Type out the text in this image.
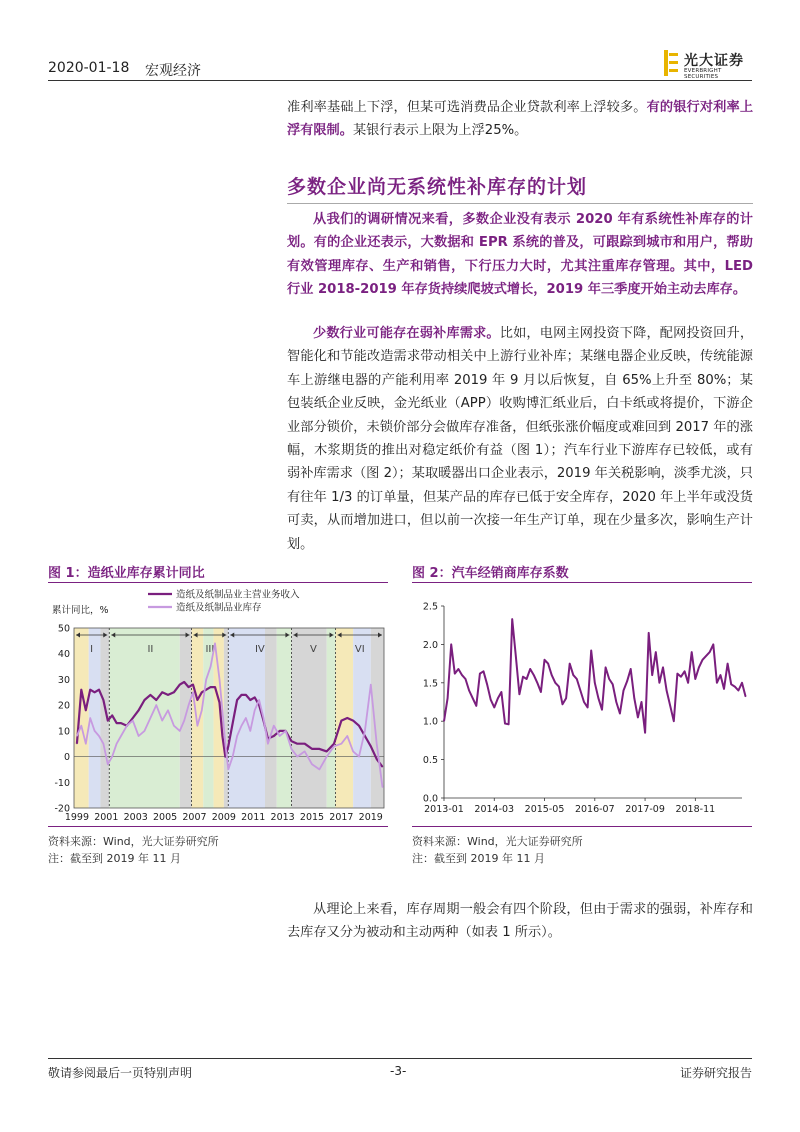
2020-01-18 宏观经济
光大证券
EVERBRIGHT SECURITIES

准利率基础上下浮，但某可选消费品企业贷款利率上浮较多。有的银行对利率上浮有限制。某银行表示上限为上浮25%。

多数企业尚无系统性补库存的计划

从我们的调研情况来看，多数企业没有表示 2020 年有系统性补库存的计划。有的企业还表示，大数据和 EPR 系统的普及，可跟踪到城市和用户，帮助有效管理库存、生产和销售，下行压力大时，尤其注重库存管理。其中，LED 行业 2018-2019 年存货持续爬坡式增长，2019 年三季度开始主动去库存。

少数行业可能存在弱补库需求。比如，电网主网投资下降，配网投资回升，智能化和节能改造需求带动相关中上游行业补库；某继电器企业反映，传统能源车上游继电器的产能利用率 2019 年 9 月以后恢复，自 65%上升至 80%；某包装纸企业反映，金光纸业（APP）收购博汇纸业后，白卡纸或将提价，下游企业部分锁价，未锁价部分会做库存准备，但纸张涨价幅度或难回到 2017 年的涨幅，木浆期货的推出对稳定纸价有益（图 1）；汽车行业下游库存已较低，或有弱补库需求（图 2）；某取暖器出口企业表示，2019 年关税影响，淡季尤淡，只有往年 1/3 的订单量，但某产品的库存已低于安全库存，2020 年上半年或没货可卖，从而增加进口，但以前一次接一年生产订单，现在少量多次，影响生产计划。

图 1：造纸业库存累计同比
I	II	III	IV	V	VI
-20
-10
0
10
20
30
40
50
1999 2001 2003 2005 2007 2009 2011 2013 2015 2017 2019
累计同比，%
造纸及纸制品业主营业务收入
造纸及纸制品业库存
资料来源：Wind，光大证券研究所
注：截至到 2019 年 11 月
图 2：汽车经销商库存系数
0.0
0.5
1.0
1.5
2.0
2.5
2013-01 2014-03 2015-05 2016-07 2017-09 2018-11
资料来源：Wind，光大证券研究所
注：截至到 2019 年 11 月

从理论上来看，库存周期一般会有四个阶段，但由于需求的强弱，补库存和去库存又分为被动和主动两种（如表 1 所示）。

敬请参阅最后一页特别声明	-3-	证券研究报告
